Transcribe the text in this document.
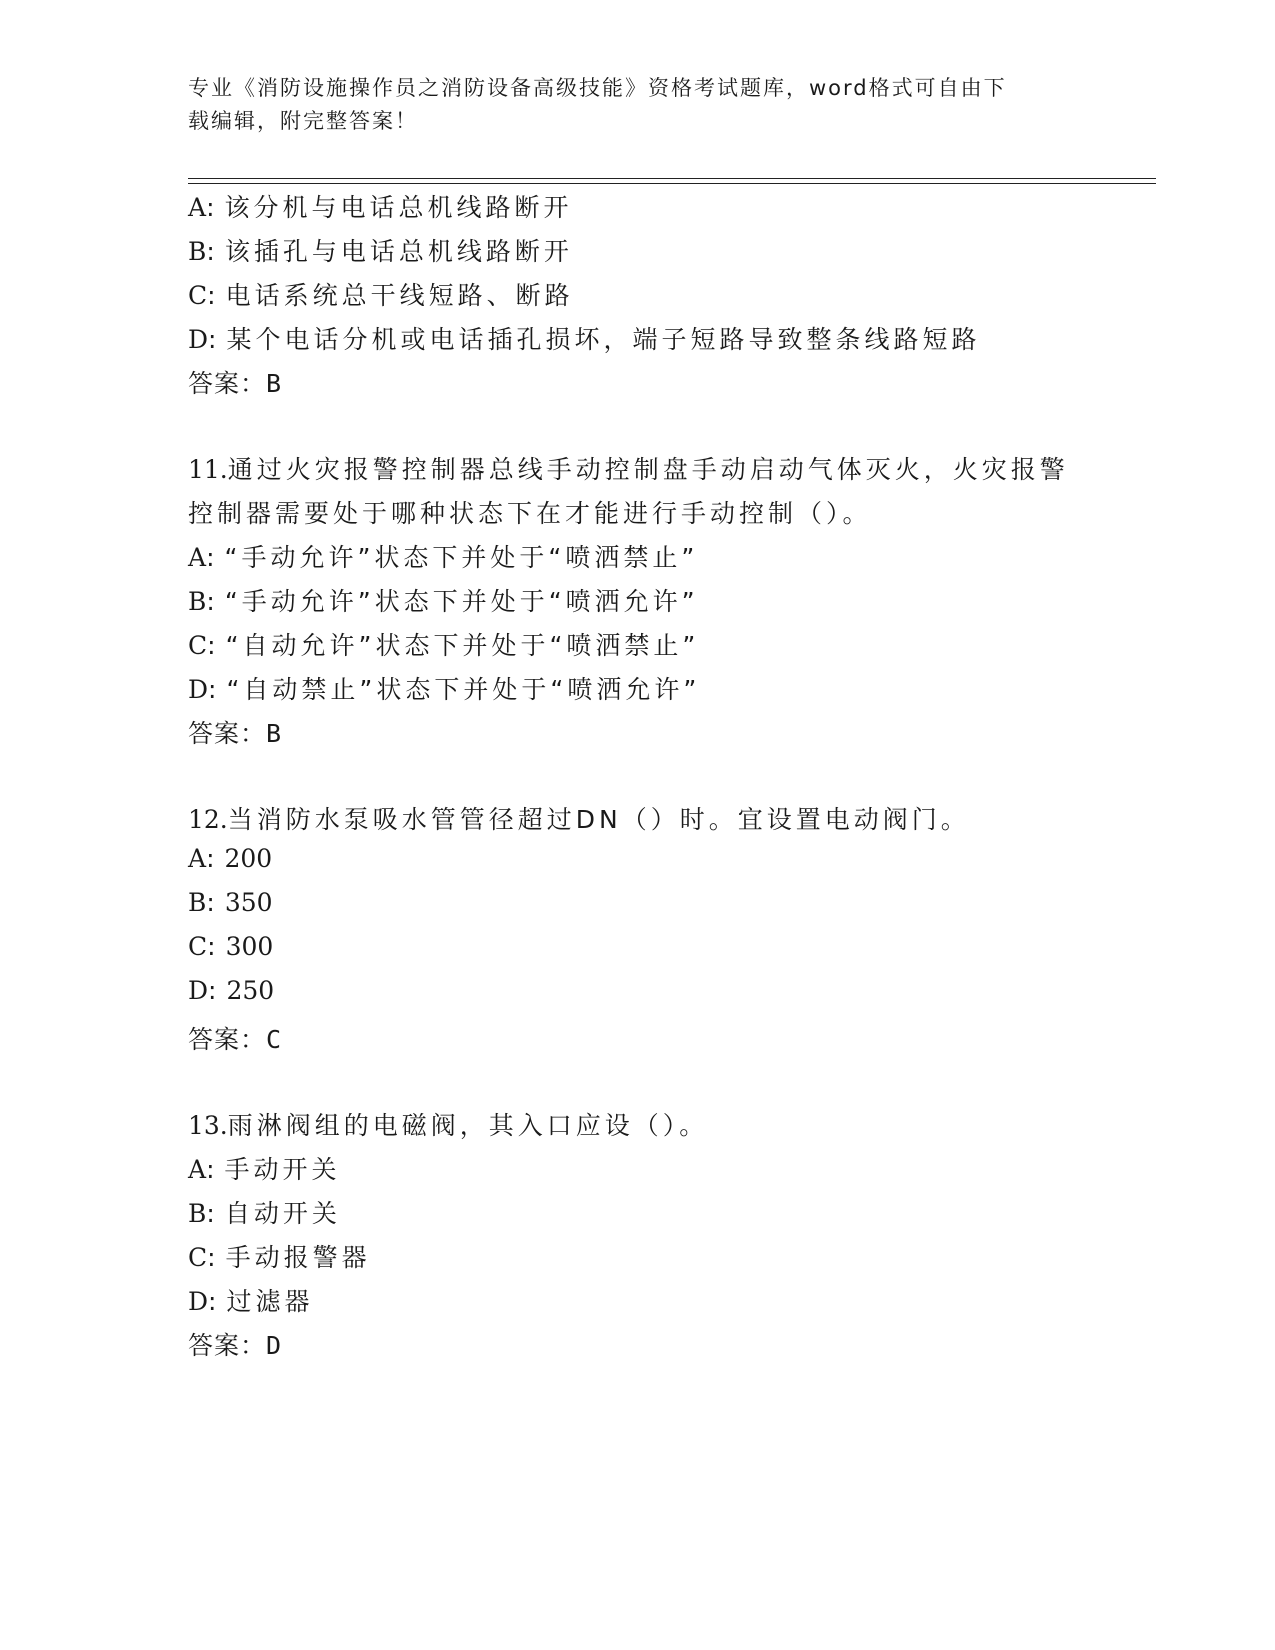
专业《消防设施操作员之消防设备高级技能》资格考试题库，word格式可自由下
载编辑，附完整答案！
A: 该分机与电话总机线路断开
B: 该插孔与电话总机线路断开
C: 电话系统总干线短路、断路
D: 某个电话分机或电话插孔损坏，端子短路导致整条线路短路
答案：B
11.通过火灾报警控制器总线手动控制盘手动启动气体灭火，火灾报警
控制器需要处于哪种状态下在才能进行手动控制（）。
A: “手动允许”状态下并处于“喷洒禁止”
B: “手动允许”状态下并处于“喷洒允许”
C: “自动允许”状态下并处于“喷洒禁止”
D: “自动禁止”状态下并处于“喷洒允许”
答案：B
12.当消防水泵吸水管管径超过DN（）时。宜设置电动阀门。
A: 200
B: 350
C: 300
D: 250
答案：C
13.雨淋阀组的电磁阀，其入口应设（）。
A: 手动开关
B: 自动开关
C: 手动报警器
D: 过滤器
答案：D
